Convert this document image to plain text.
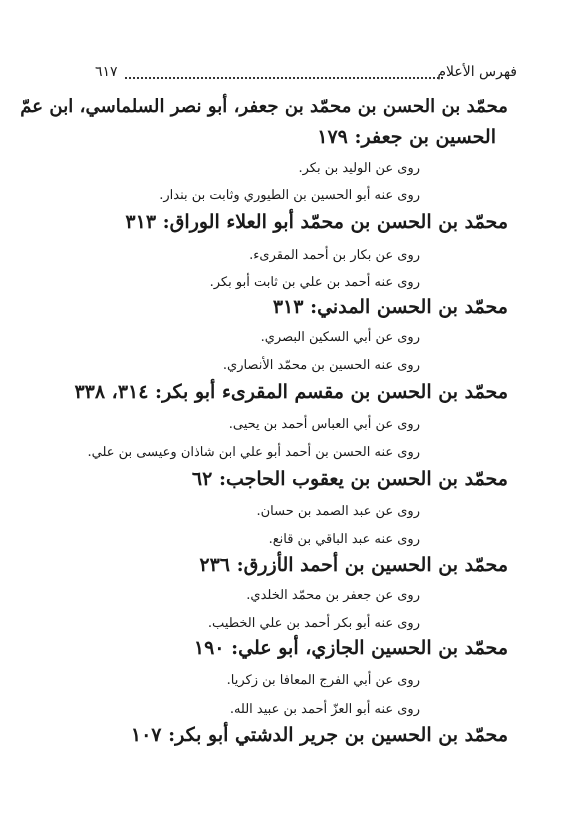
فهرس الأعلام
٦١٧
محمّد بن الحسن بن محمّد بن جعفر، أبو نصر السلماسي، ابن عمّ
الحسين بن جعفر: ١٧٩
روى عن الوليد بن بكر.
روى عنه أبو الحسين بن الطيوري وثابت بن بندار.
محمّد بن الحسن بن محمّد أبو العلاء الوراق: ٣١٣
روى عن بكار بن أحمد المقرىء.
روى عنه أحمد بن علي بن ثابت أبو بكر.
محمّد بن الحسن المدني: ٣١٣
روى عن أبي السكين البصري.
روى عنه الحسين بن محمّد الأنصاري.
محمّد بن الحسن بن مقسم المقرىء أبو بكر: ٣١٤، ٣٣٨
روى عن أبي العباس أحمد بن يحيى.
روى عنه الحسن بن أحمد أبو علي ابن شاذان وعيسى بن علي.
محمّد بن الحسن بن يعقوب الحاجب: ٦٢
روى عن عبد الصمد بن حسان.
روى عنه عبد الباقي بن قانع.
محمّد بن الحسين بن أحمد الأزرق: ٢٣٦
روى عن جعفر بن محمّد الخلدي.
روى عنه أبو بكر أحمد بن علي الخطيب.
محمّد بن الحسين الجازي، أبو علي: ١٩٠
روى عن أبي الفرج المعافا بن زكريا.
روى عنه أبو العزّ أحمد بن عبيد الله.
محمّد بن الحسين بن جرير الدشتي أبو بكر: ١٠٧
